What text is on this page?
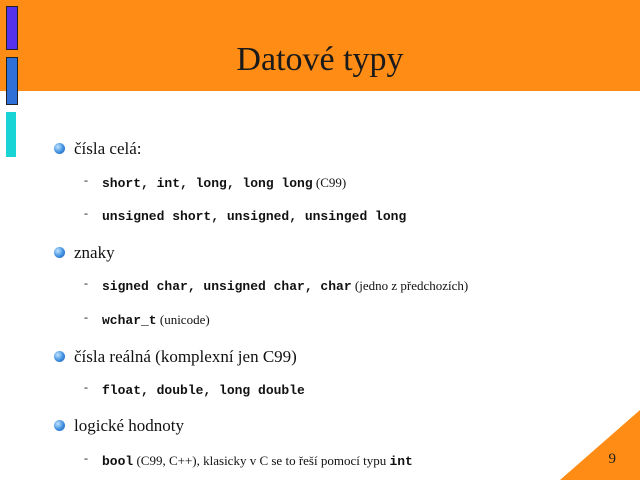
Datové typy
čísla celá:
- short, int, long, long long (C99)
- unsigned short, unsigned, unsinged long
znaky
- signed char, unsigned char, char (jedno z předchozích)
- wchar_t (unicode)
čísla reálná (komplexní jen C99)
- float, double, long double
logické hodnoty
- bool (C99, C++), klasicky v C se to řeší pomocí typu int	9
